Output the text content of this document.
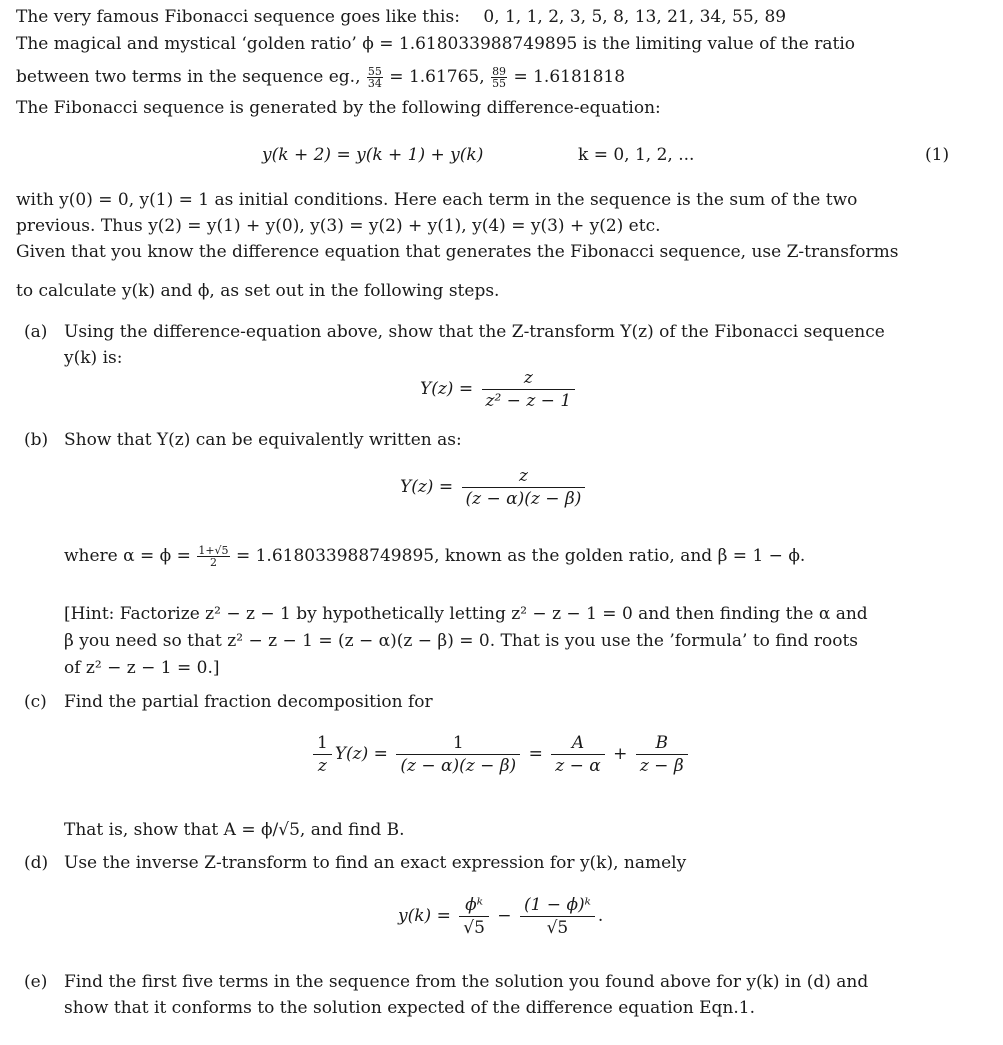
The very famous Fibonacci sequence goes like this: 0, 1, 1, 2, 3, 5, 8, 13, 21, 34, 55, 89
The magical and mystical ‘golden ratio’ ϕ = 1.618033988749895 is the limiting value of the ratio
between two terms in the sequence eg., $\frac{55}{34} = 1.61765$, $\frac{89}{55} = 1.6181818$
The Fibonacci sequence is generated by the following difference-equation:
y(k + 2) = y(k + 1) + y(k)	k = 0, 1, 2, ...	(1)
with y(0) = 0, y(1) = 1 as initial conditions. Here each term in the sequence is the sum of the two
previous. Thus y(2) = y(1) + y(0), y(3) = y(2) + y(1), y(4) = y(3) + y(2) etc.
Given that you know the difference equation that generates the Fibonacci sequence, use Z-transforms
to calculate y(k) and ϕ, as set out in the following steps.
(a) Using the difference-equation above, show that the Z-transform Y(z) of the Fibonacci sequence
y(k) is:
$Y(z) = \frac{z}{\text{z² − z − 1}}$
(b) Show that Y(z) can be equivalently written as:
$Y(z) = \frac{z}{(z - \alpha)(z - \beta)}$
where $\alpha = \phi = \frac{1+√5}{2} = 1.618033988749895$, known as the golden ratio, and β = 1 − ϕ.
[Hint: Factorize z² − z − 1 by hypothetically letting z² − z − 1 = 0 and then finding the α and
β you need so that z² − z − 1 = (z − α)(z − β) = 0. That is you use the ’formula’ to find roots
of z² − z − 1 = 0.]
(c) Find the partial fraction decomposition for
$\frac{1}{z} Y(z) = \frac{1}{(z - \alpha)(z - \beta)} = \frac{A}{z - \alpha} + \frac{B}{z - \beta}$
That is, show that A = ϕ/√5, and find B.
(d) Use the inverse Z-transform to find an exact expression for y(k), namely
$y(k) = \frac{\text{ϕᵏ}}{√5} - \frac{\text{(1 − ϕ)ᵏ}}{√5}$ .
(e) Find the first five terms in the sequence from the solution you found above for y(k) in (d) and
show that it conforms to the solution expected of the difference equation Eqn.1.
